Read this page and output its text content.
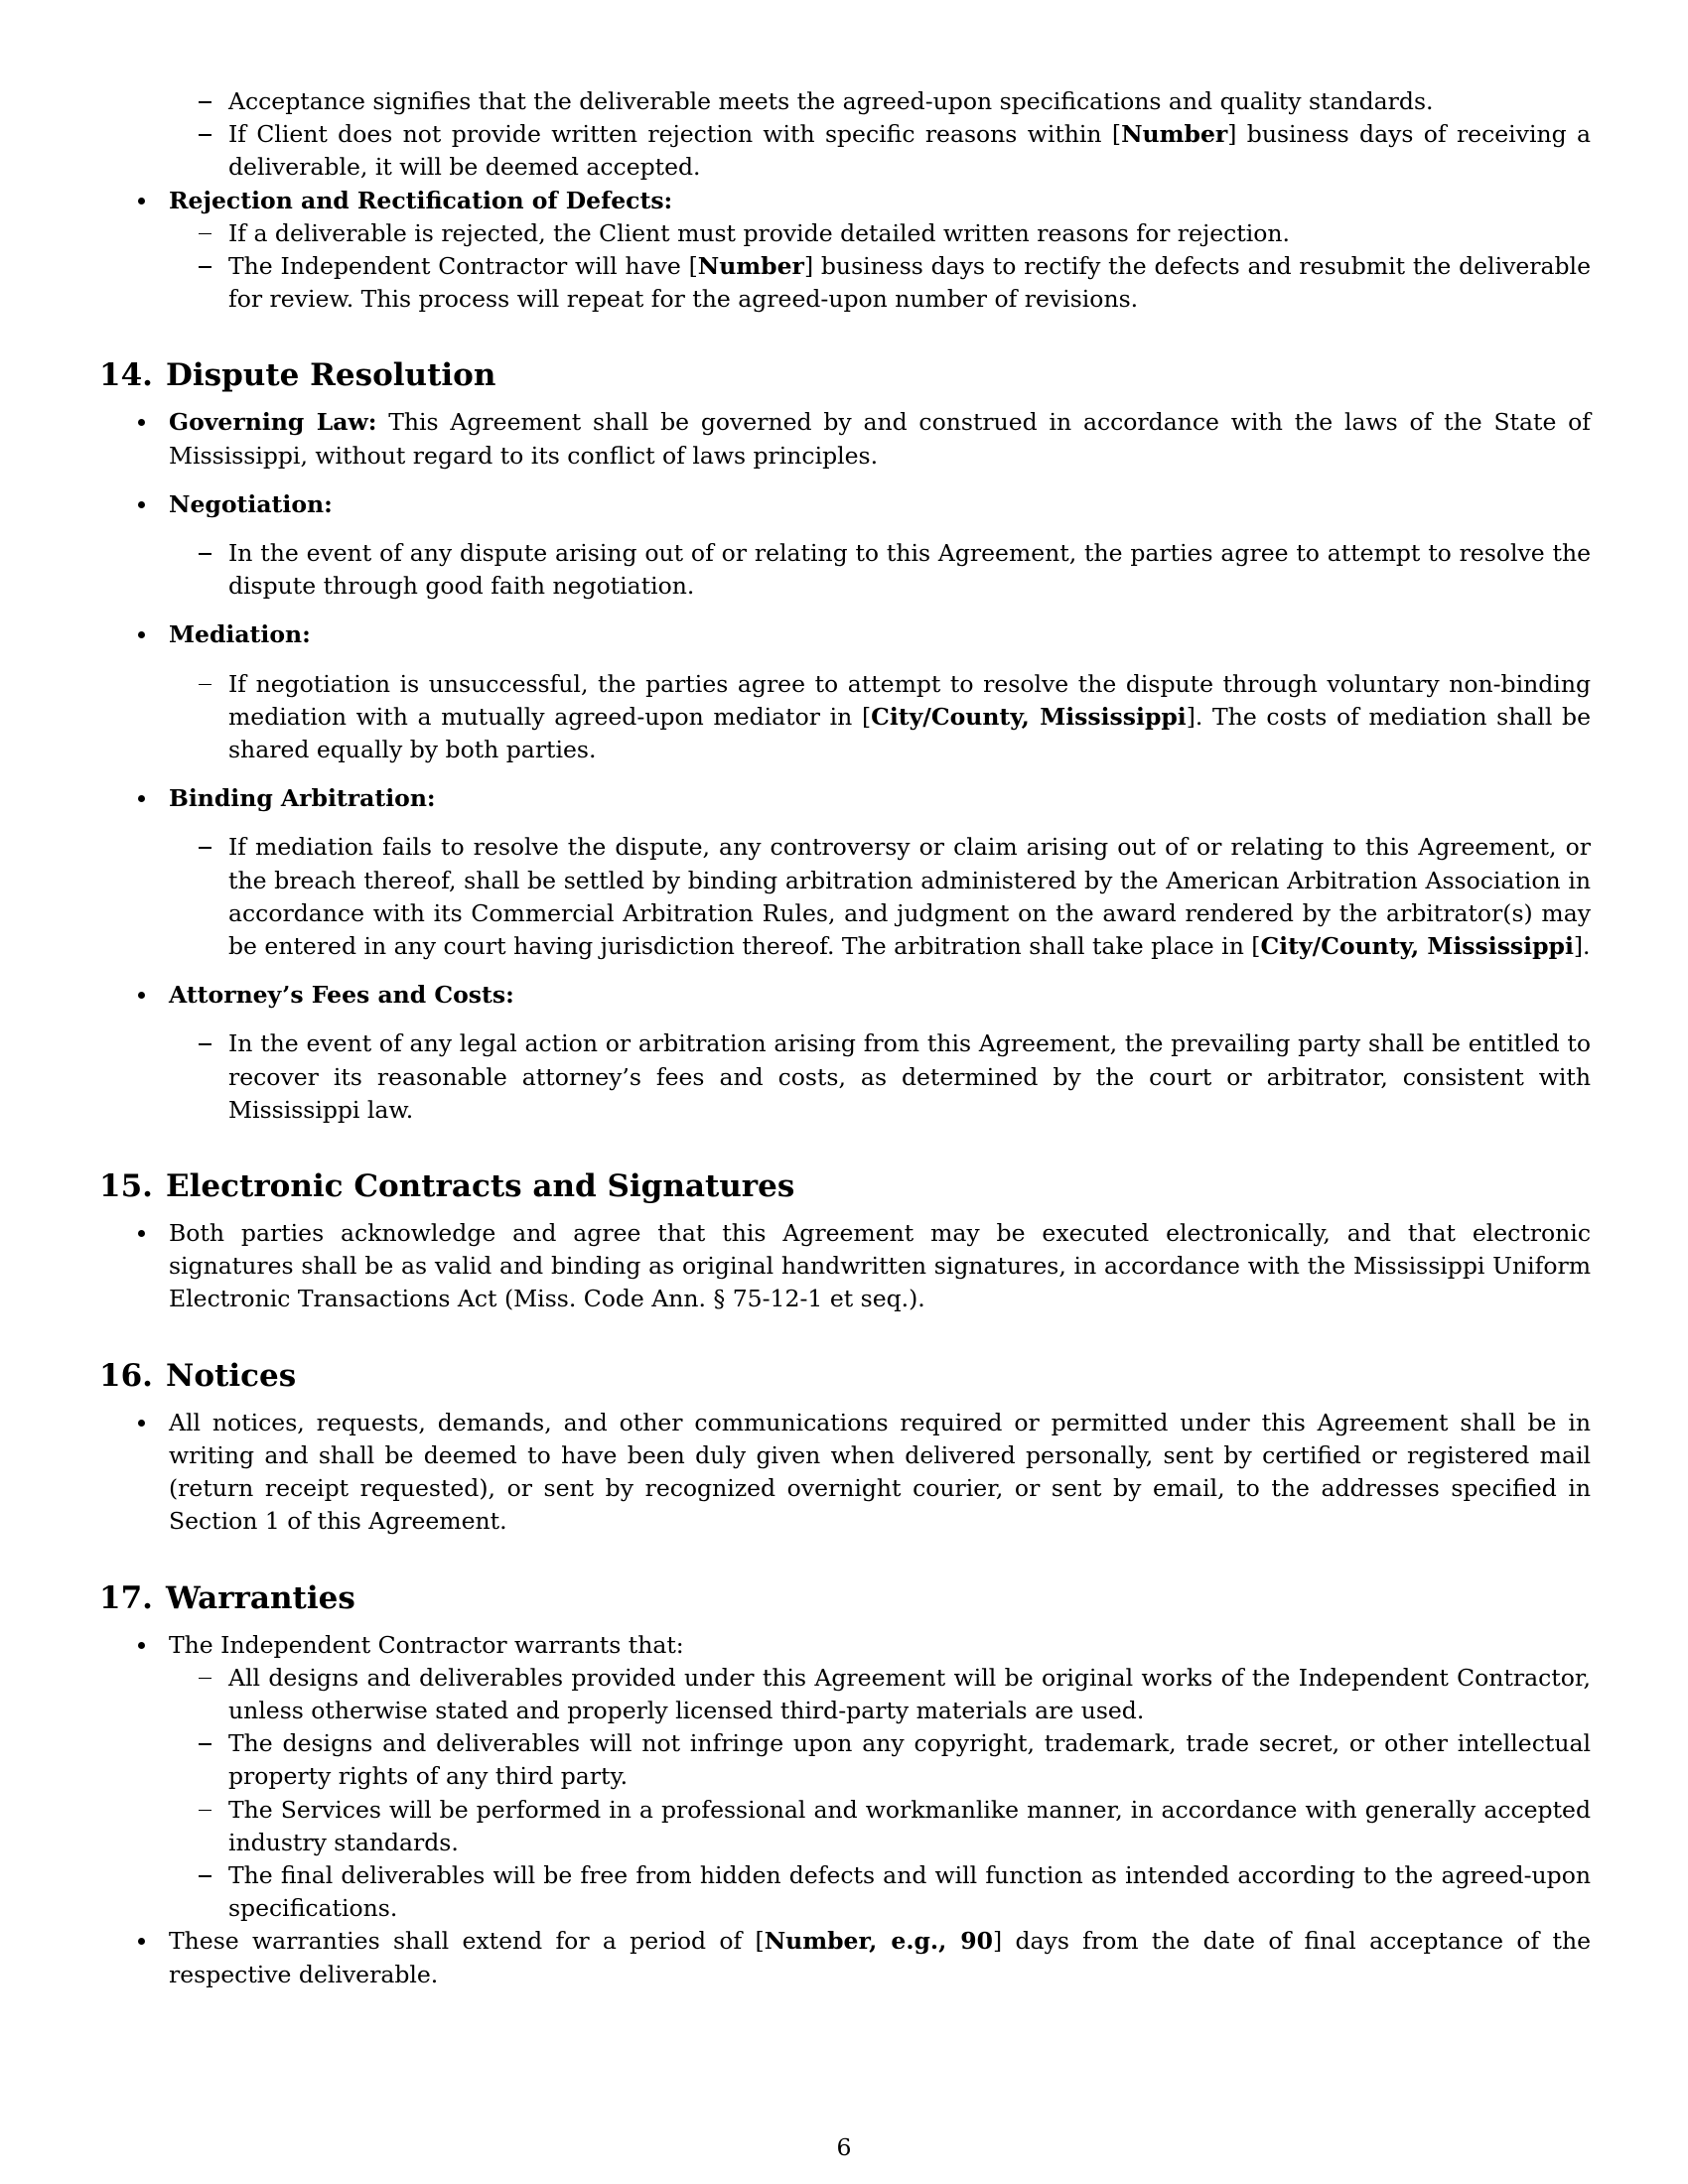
Acceptance signifies that the deliverable meets the agreed-upon specifications and quality standards.
If Client does not provide written rejection with specific reasons within [Number] business days of receiving a deliverable, it will be deemed accepted.
Rejection and Rectification of Defects:
If a deliverable is rejected, the Client must provide detailed written reasons for rejection.
The Independent Contractor will have [Number] business days to rectify the defects and resubmit the deliverable for review. This process will repeat for the agreed-upon number of revisions.
14. Dispute Resolution
Governing Law: This Agreement shall be governed by and construed in accordance with the laws of the State of Mississippi, without regard to its conflict of laws principles.
Negotiation:
In the event of any dispute arising out of or relating to this Agreement, the parties agree to attempt to resolve the dispute through good faith negotiation.
Mediation:
If negotiation is unsuccessful, the parties agree to attempt to resolve the dispute through voluntary non-binding mediation with a mutually agreed-upon mediator in [City/County, Mississippi]. The costs of mediation shall be shared equally by both parties.
Binding Arbitration:
If mediation fails to resolve the dispute, any controversy or claim arising out of or relating to this Agreement, or the breach thereof, shall be settled by binding arbitration administered by the American Arbitration Association in accordance with its Commercial Arbitration Rules, and judgment on the award rendered by the arbitrator(s) may be entered in any court having jurisdiction thereof. The arbitration shall take place in [City/County, Mississippi].
Attorney’s Fees and Costs:
In the event of any legal action or arbitration arising from this Agreement, the prevailing party shall be entitled to recover its reasonable attorney’s fees and costs, as determined by the court or arbitrator, consistent with Mississippi law.
15. Electronic Contracts and Signatures
Both parties acknowledge and agree that this Agreement may be executed electronically, and that electronic signatures shall be as valid and binding as original handwritten signatures, in accordance with the Mississippi Uniform Electronic Transactions Act (Miss. Code Ann. § 75-12-1 et seq.).
16. Notices
All notices, requests, demands, and other communications required or permitted under this Agreement shall be in writing and shall be deemed to have been duly given when delivered personally, sent by certified or registered mail (return receipt requested), or sent by recognized overnight courier, or sent by email, to the addresses specified in Section 1 of this Agreement.
17. Warranties
The Independent Contractor warrants that:
All designs and deliverables provided under this Agreement will be original works of the Independent Contractor, unless otherwise stated and properly licensed third-party materials are used.
The designs and deliverables will not infringe upon any copyright, trademark, trade secret, or other intellectual property rights of any third party.
The Services will be performed in a professional and workmanlike manner, in accordance with generally accepted industry standards.
The final deliverables will be free from hidden defects and will function as intended according to the agreed-upon specifications.
These warranties shall extend for a period of [Number, e.g., 90] days from the date of final acceptance of the respective deliverable.
6
